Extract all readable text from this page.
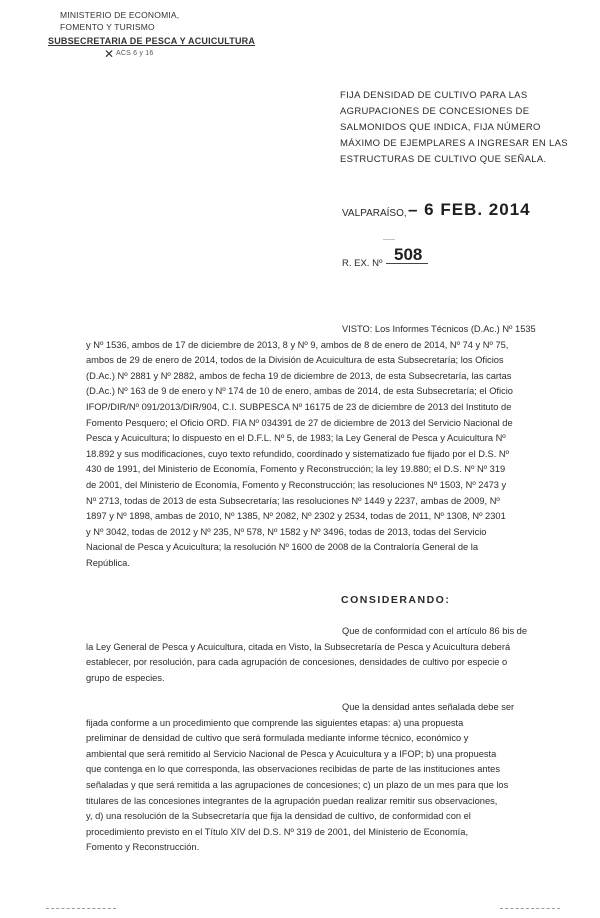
MINISTERIO DE ECONOMIA,
FOMENTO Y TURISMO
SUBSECRETARIA DE PESCA Y ACUICULTURA
✕ ACS 6 y 16
FIJA DENSIDAD DE CULTIVO PARA LAS
AGRUPACIONES DE CONCESIONES DE
SALMONIDOS QUE INDICA, FIJA NÚMERO
MÁXIMO DE EJEMPLARES A INGRESAR EN LAS
ESTRUCTURAS DE CULTIVO QUE SEÑALA.
VALPARAÍSO, – 6 FEB. 2014
——
508
R. EX. Nº
VISTO: Los Informes Técnicos (D.Ac.) Nº 1535
y Nº 1536, ambos de 17 de diciembre de 2013, 8 y Nº 9, ambos de 8 de enero de 2014, Nº 74 y Nº 75,
ambos de 29 de enero de 2014, todos de la División de Acuicultura de esta Subsecretaría; los Oficios
(D.Ac.) Nº 2881 y Nº 2882, ambos de fecha 19 de diciembre de 2013, de esta Subsecretaría, las cartas
(D.Ac.) Nº 163 de 9 de enero y Nº 174 de 10 de enero, ambas de 2014, de esta Subsecretaría; el Oficio
IFOP/DIR/Nº 091/2013/DIR/904, C.I. SUBPESCA Nº 16175 de 23 de diciembre de 2013 del Instituto de
Fomento Pesquero; el Oficio ORD. FIA Nº 034391 de 27 de diciembre de 2013 del Servicio Nacional de
Pesca y Acuicultura; lo dispuesto en el D.F.L. Nº 5, de 1983; la Ley General de Pesca y Acuicultura Nº
18.892 y sus modificaciones, cuyo texto refundido, coordinado y sistematizado fue fijado por el D.S. Nº
430 de 1991, del Ministerio de Economía, Fomento y Reconstrucción; la ley 19.880; el D.S. Nº Nº 319
de 2001, del Ministerio de Economía, Fomento y Reconstrucción; las resoluciones Nº 1503, Nº 2473 y
Nº 2713, todas de 2013 de esta Subsecretaría; las resoluciones Nº 1449 y 2237, ambas de 2009, Nº
1897 y Nº 1898, ambas de 2010, Nº 1385, Nº 2082, Nº 2302 y 2534, todas de 2011, Nº 1308, Nº 2301
y Nº 3042, todas de 2012 y Nº 235, Nº 578, Nº 1582 y Nº 3496, todas de 2013, todas del Servicio
Nacional de Pesca y Acuicultura; la resolución Nº 1600 de 2008 de la Contraloría General de la
República.
CONSIDERANDO:
Que de conformidad con el artículo 86 bis de
la Ley General de Pesca y Acuicultura, citada en Visto, la Subsecretaría de Pesca y Acuicultura deberá
establecer, por resolución, para cada agrupación de concesiones, densidades de cultivo por especie o
grupo de especies.
Que la densidad antes señalada debe ser
fijada conforme a un procedimiento que comprende las siguientes etapas: a) una propuesta
preliminar de densidad de cultivo que será formulada mediante informe técnico, económico y
ambiental que será remitido al Servicio Nacional de Pesca y Acuicultura y a IFOP; b) una propuesta
que contenga en lo que corresponda, las observaciones recibidas de parte de las instituciones antes
señaladas y que será remitida a las agrupaciones de concesiones; c) un plazo de un mes para que los
titulares de las concesiones integrantes de la agrupación puedan realizar remitir sus observaciones,
y, d) una resolución de la Subsecretaría que fija la densidad de cultivo, de conformidad con el
procedimiento previsto en el Título XIV del D.S. Nº 319 de 2001, del Ministerio de Economía,
Fomento y Reconstrucción.
